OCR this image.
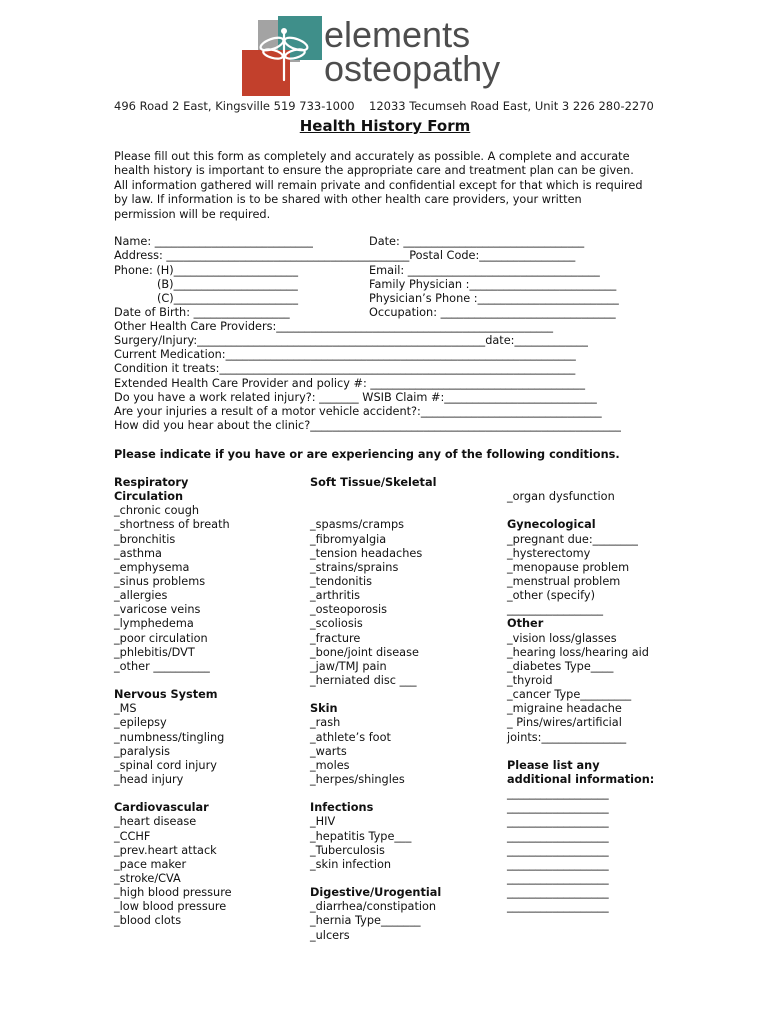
elements
osteopathy
496 Road 2 East, Kingsville 519 733-1000 12033 Tecumseh Road East, Unit 3 226 280-2270
Health History Form
Please fill out this form as completely and accurately as possible. A complete and accurate
health history is important to ensure the appropriate care and treatment plan can be given.
All information gathered will remain private and confidential except for that which is required
by law. If information is to be shared with other health care providers, your written
permission will be required.
Name: ____________________________	Date: ________________________________
Address: ___________________________________________Postal Code:_________________
Phone: (H)______________________	Email: __________________________________
(B)______________________	Family Physician :__________________________
(C)______________________	Physician’s Phone :_________________________
Date of Birth: _________________	Occupation: _______________________________
Other Health Care Providers:_________________________________________________
Surgery/Injury:___________________________________________________date:_____________
Current Medication:______________________________________________________________
Condition it treats:_______________________________________________________________
Extended Health Care Provider and policy #: ______________________________________
Do you have a work related injury?: _______ WSIB Claim #:___________________________
Are your injuries a result of a motor vehicle accident?:________________________________
How did you hear about the clinic?_______________________________________________________
Please indicate if you have or are experiencing any of the following conditions.
Respiratory
Circulation
_chronic cough
_shortness of breath
_bronchitis
_asthma
_emphysema
_sinus problems
_allergies
_varicose veins
_lymphedema
_poor circulation
_phlebitis/DVT
_other __________
Nervous System
_MS
_epilepsy
_numbness/tingling
_paralysis
_spinal cord injury
_head injury
Cardiovascular
_heart disease
_CCHF
_prev.heart attack
_pace maker
_stroke/CVA
_high blood pressure
_low blood pressure
_blood clots
Soft Tissue/Skeletal
_spasms/cramps
_fibromyalgia
_tension headaches
_strains/sprains
_tendonitis
_arthritis
_osteoporosis
_scoliosis
_fracture
_bone/joint disease
_jaw/TMJ pain
_herniated disc ___
Skin
_rash
_athlete’s foot
_warts
_moles
_herpes/shingles
Infections
_HIV
_hepatitis Type___
_Tuberculosis
_skin infection
Digestive/Urogential
_diarrhea/constipation
_hernia Type_______
_ulcers
_organ dysfunction
Gynecological
_pregnant due:________
_hysterectomy
_menopause problem
_menstrual problem
_other (specify)
_________________
Other
_vision loss/glasses
_hearing loss/hearing aid
_diabetes Type____
_thyroid
_cancer Type_________
_migraine headache
_ Pins/wires/artificial
joints:_______________
Please list any
additional information:
__________________
__________________
__________________
__________________
__________________
__________________
__________________
__________________
__________________
